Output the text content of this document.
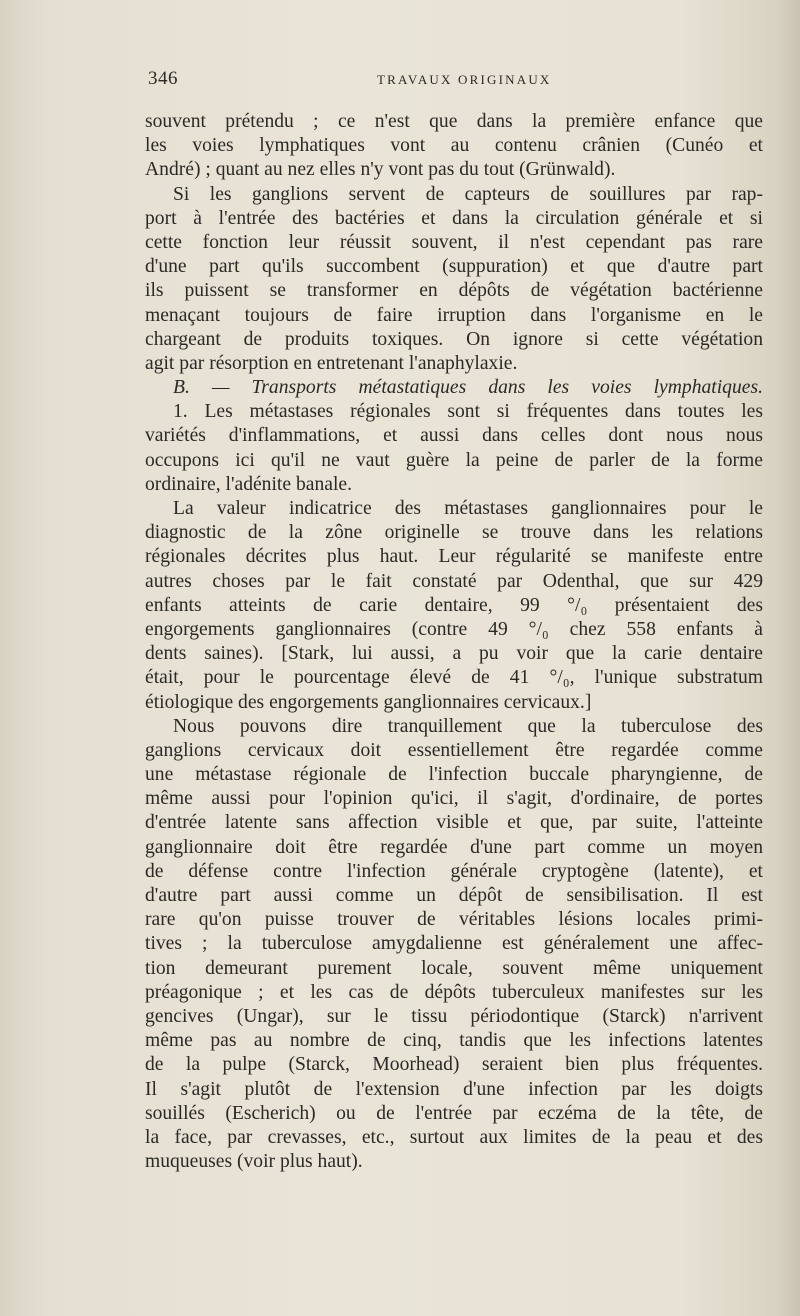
346	TRAVAUX ORIGINAUX
souvent prétendu ; ce n'est que dans la première enfance que
les voies lymphatiques vont au contenu crânien (Cunéo et
André) ; quant au nez elles n'y vont pas du tout (Grünwald).
Si les ganglions servent de capteurs de souillures par rap-
port à l'entrée des bactéries et dans la circulation générale et si
cette fonction leur réussit souvent, il n'est cependant pas rare
d'une part qu'ils succombent (suppuration) et que d'autre part
ils puissent se transformer en dépôts de végétation bactérienne
menaçant toujours de faire irruption dans l'organisme en le
chargeant de produits toxiques. On ignore si cette végétation
agit par résorption en entretenant l'anaphylaxie.
B. — Transports métastatiques dans les voies lymphatiques.
1. Les métastases régionales sont si fréquentes dans toutes les
variétés d'inflammations, et aussi dans celles dont nous nous
occupons ici qu'il ne vaut guère la peine de parler de la forme
ordinaire, l'adénite banale.
La valeur indicatrice des métastases ganglionnaires pour le
diagnostic de la zône originelle se trouve dans les relations
régionales décrites plus haut. Leur régularité se manifeste entre
autres choses par le fait constaté par Odenthal, que sur 429
enfants atteints de carie dentaire, 99 °/₀ présentaient des
engorgements ganglionnaires (contre 49 °/₀ chez 558 enfants à
dents saines). [Stark, lui aussi, a pu voir que la carie dentaire
était, pour le pourcentage élevé de 41 °/₀, l'unique substratum
étiologique des engorgements ganglionnaires cervicaux.]
Nous pouvons dire tranquillement que la tuberculose des
ganglions cervicaux doit essentiellement être regardée comme
une métastase régionale de l'infection buccale pharyngienne, de
même aussi pour l'opinion qu'ici, il s'agit, d'ordinaire, de portes
d'entrée latente sans affection visible et que, par suite, l'atteinte
ganglionnaire doit être regardée d'une part comme un moyen
de défense contre l'infection générale cryptogène (latente), et
d'autre part aussi comme un dépôt de sensibilisation. Il est
rare qu'on puisse trouver de véritables lésions locales primi-
tives ; la tuberculose amygdalienne est généralement une affec-
tion demeurant purement locale, souvent même uniquement
préagonique ; et les cas de dépôts tuberculeux manifestes sur les
gencives (Ungar), sur le tissu périodontique (Starck) n'arrivent
même pas au nombre de cinq, tandis que les infections latentes
de la pulpe (Starck, Moorhead) seraient bien plus fréquentes.
Il s'agit plutôt de l'extension d'une infection par les doigts
souillés (Escherich) ou de l'entrée par eczéma de la tête, de
la face, par crevasses, etc., surtout aux limites de la peau et des
muqueuses (voir plus haut).
